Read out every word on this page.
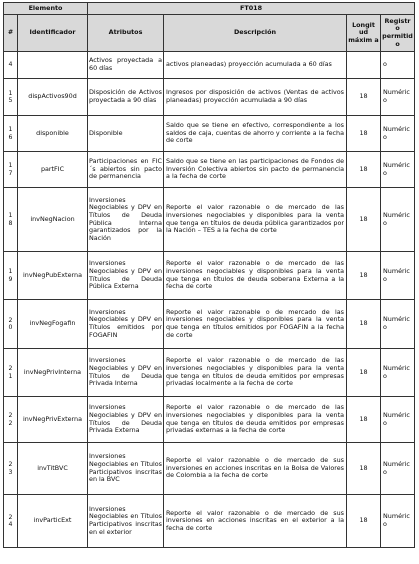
Elemento		FT018			
#	Identificador	Atributos	Descripción	Longit ud máxim a	Registr o permitid o

4		Activos proyectada a 60 días	activos planeadas) proyección acumulada a 60 días		o

1
5	dispActivos90d	Disposición de Activos proyectada a 90 días	Ingresos por disposición de activos (Ventas de activos planeadas) proyección acumulada a 90 días	18	Numéric o

1
6	disponible	Disponible	Saldo que se tiene en efectivo, correspondiente a los saldos de caja, cuentas de ahorro y corriente a la fecha de corte	18	Numéric o

1
7	partFIC	Participaciones en FIC´s abiertos sin pacto de permanencia	Saldo que se tiene en las participaciones de Fondos de Inversión Colectiva abiertos sin pacto de permanencia a la fecha de corte	18	Numéric o

1
8	invNegNacion	Inversiones Negociables y DPV en Títulos de Deuda Pública Interna garantizados por la Nación	Reporte el valor razonable o de mercado de las inversiones negociables y disponibles para la venta que tenga en títulos de deuda pública garantizados por la Nación – TES a la fecha de corte	18	Numéric o

1
9	invNegPubExterna	Inversiones Negociables y DPV en Títulos de Deuda Pública Externa	Reporte el valor razonable o de mercado de las inversiones negociables y disponibles para la venta que tenga en títulos de deuda soberana Externa a la fecha de corte	18	Numéric o

2
0	invNegFogafin	Inversiones Negociables y DPV en Títulos emitidos por FOGAFIN	Reporte el valor razonable o de mercado de las inversiones negociables y disponibles para la venta que tenga en títulos emitidos por FOGAFIN a la fecha de corte	18	Numéric o

2
1	invNegPrivInterna	Inversiones Negociables y DPV en Títulos de Deuda Privada Interna	Reporte el valor razonable o de mercado de las inversiones negociables y disponibles para la venta que tenga en títulos de deuda emitidos por empresas privadas localmente a la fecha de corte	18	Numéric o

2
2	invNegPrivExterna	Inversiones Negociables y DPV en Títulos de Deuda Privada Externa	Reporte el valor razonable o de mercado de las inversiones negociables y disponibles para la venta que tenga en títulos de deuda emitidos por empresas privadas externas a la fecha de corte	18	Numéric o

2
3	invTitBVC	Inversiones Negociables en Títulos Participativos inscritas en la BVC	Reporte el valor razonable o de mercado de sus inversiones en acciones inscritas en la Bolsa de Valores de Colombia a la fecha de corte	18	Numéric o

2
4	invParticExt	Inversiones Negociables en Títulos Participativos inscritas en el exterior	Reporte el valor razonable o de mercado de sus inversiones en acciones inscritas en el exterior a la fecha de corte	18	Numéric o
